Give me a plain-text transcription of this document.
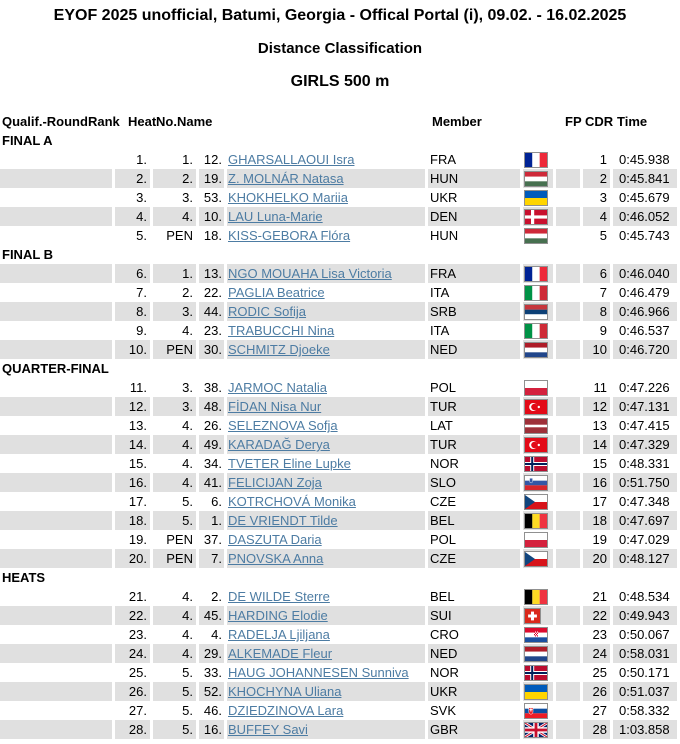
EYOF 2025 unofficial, Batumi, Georgia - Offical Portal (i), 09.02. - 16.02.2025
Distance Classification
GIRLS 500 m
Qualif.-Round Rank Heat No. Name	Member	FP CDR Time
FINAL A
1.	1. 12. GHARSALLAOUI Isra	FRA	1 0:45.938
2.	2. 19. Z. MOLNÁR Natasa	HUN	2 0:45.841
3.	3. 53. KHOKHELKO Mariia	UKR	3 0:45.679
4.	4. 10. LAU Luna-Marie	DEN	4 0:46.052
5.	PEN 18. KISS-GEBORA Flóra	HUN	5 0:45.743
FINAL B
6.	1. 13. NGO MOUAHA Lisa Victoria	FRA	6 0:46.040
7.	2. 22. PAGLIA Beatrice	ITA	7 0:46.479
8.	3. 44. RODIC Sofija	SRB	8 0:46.966
9.	4. 23. TRABUCCHI Nina	ITA	9 0:46.537
10.	PEN 30. SCHMITZ Djoeke	NED	10 0:46.720
QUARTER-FINAL
11.	3. 38. JARMOC Natalia	POL	11 0:47.226
12.	3. 48. FİDAN Nisa Nur	TUR	12 0:47.131
13.	4. 26. SELEZNOVA Sofja	LAT	13 0:47.415
14.	4. 49. KARADAĞ Derya	TUR	14 0:47.329
15.	4. 34. TVETER Eline Lupke	NOR	15 0:48.331
16.	4. 41. FELICIJAN Zoja	SLO	16 0:51.750
17.	5.	6. KOTRCHOVÁ Monika	CZE	17 0:47.348
18.	5.	1. DE VRIENDT Tilde	BEL	18 0:47.697
19.	PEN 37. DASZUTA Daria	POL	19 0:47.029
20.	PEN	7. PNOVSKA Anna	CZE	20 0:48.127
HEATS
21.	4.	2. DE WILDE Sterre	BEL	21 0:48.534
22.	4. 45. HARDING Elodie	SUI	22 0:49.943
23.	4.	4. RADELJA Ljiljana	CRO	23 0:50.067
24.	4. 29. ALKEMADE Fleur	NED	24 0:58.031
25.	5. 33. HAUG JOHANNESEN Sunniva	NOR	25 0:50.171
26.	5. 52. KHOCHYNA Uliana	UKR	26 0:51.037
27.	5. 46. DZIEDZINOVA Lara	SVK	27 0:58.332
28.	5. 16. BUFFEY Savi	GBR	28 1:03.858
